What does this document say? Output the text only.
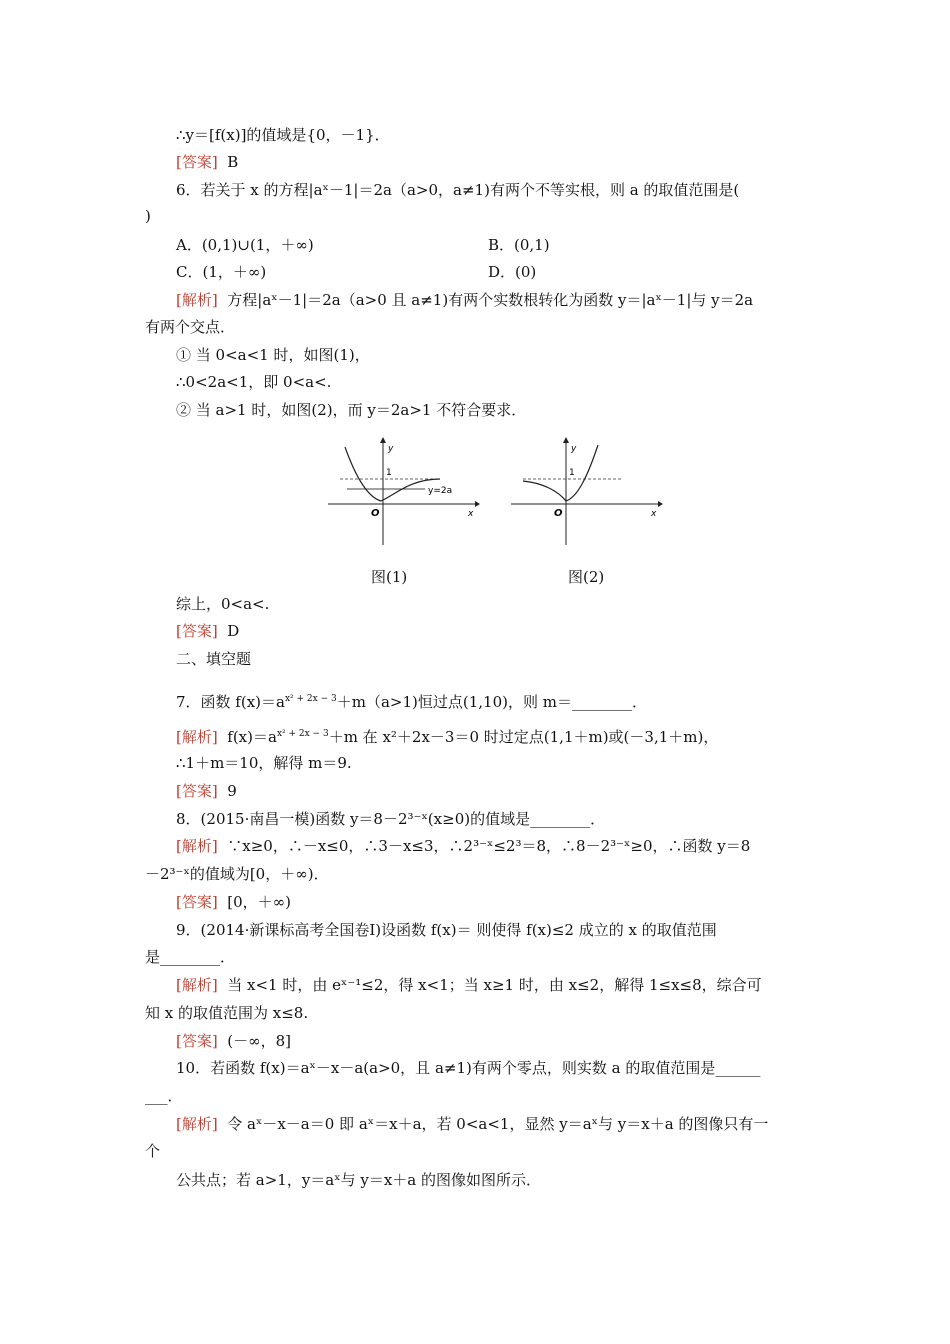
∴y＝[f(x)]的值域是{0，－1}．
[答案] B
6．若关于 x 的方程|aˣ－1|＝2a（a>0，a≠1)有两个不等实根，则 a 的取值范围是(
)
A．(0,1)∪(1，＋∞)	B．(0,1)
C．(1，＋∞)	D．(0)
[解析] 方程|aˣ－1|＝2a（a>0 且 a≠1)有两个实数根转化为函数 y＝|aˣ－1|与 y＝2a
有两个交点．
① 当 0<a<1 时，如图(1)，
∴0<2a<1，即 0<a<.
② 当 a>1 时，如图(2)，而 y＝2a>1 不符合要求．
y
x
O
1
y=2a
y
x
O
1
图(1)	图(2)
综上，0<a<.
[答案] D
二、填空题
7．函数 $f(x)=a^{x^2 + 2x - 3}+m(a>1)$恒过点(1,10)，则 m＝________．
[解析] $f(x)=a^{x^2 + 2x - 3}+m$ 在 x²＋2x－3＝0 时过定点(1,1＋m)或(－3,1＋m)，
∴1＋m＝10，解得 m＝9.
[答案] 9
8．(2015·南昌一模)函数 y＝8－2³⁻ˣ(x≥0)的值域是________．
[解析] ∵x≥0，∴－x≤0，∴3－x≤3，∴2³⁻ˣ≤2³＝8，∴8－2³⁻ˣ≥0，∴函数 y＝8
－2³⁻ˣ的值域为[0，＋∞)．
[答案] [0，＋∞)
9．(2014·新课标高考全国卷Ⅰ)设函数 f(x)＝ 则使得 f(x)≤2 成立的 x 的取值范围
是________．
[解析] 当 x<1 时，由 eˣ⁻¹≤2，得 x<1；当 x≥1 时，由 x≤2，解得 1≤x≤8，综合可
知 x 的取值范围为 x≤8.
[答案] (－∞，8]
10．若函数 f(x)＝aˣ－x－a(a>0，且 a≠1)有两个零点，则实数 a 的取值范围是______
___．
[解析] 令 aˣ－x－a＝0 即 aˣ＝x＋a，若 0<a<1，显然 y＝aˣ与 y＝x＋a 的图像只有一
个
公共点；若 a>1，y＝aˣ与 y＝x＋a 的图像如图所示．
